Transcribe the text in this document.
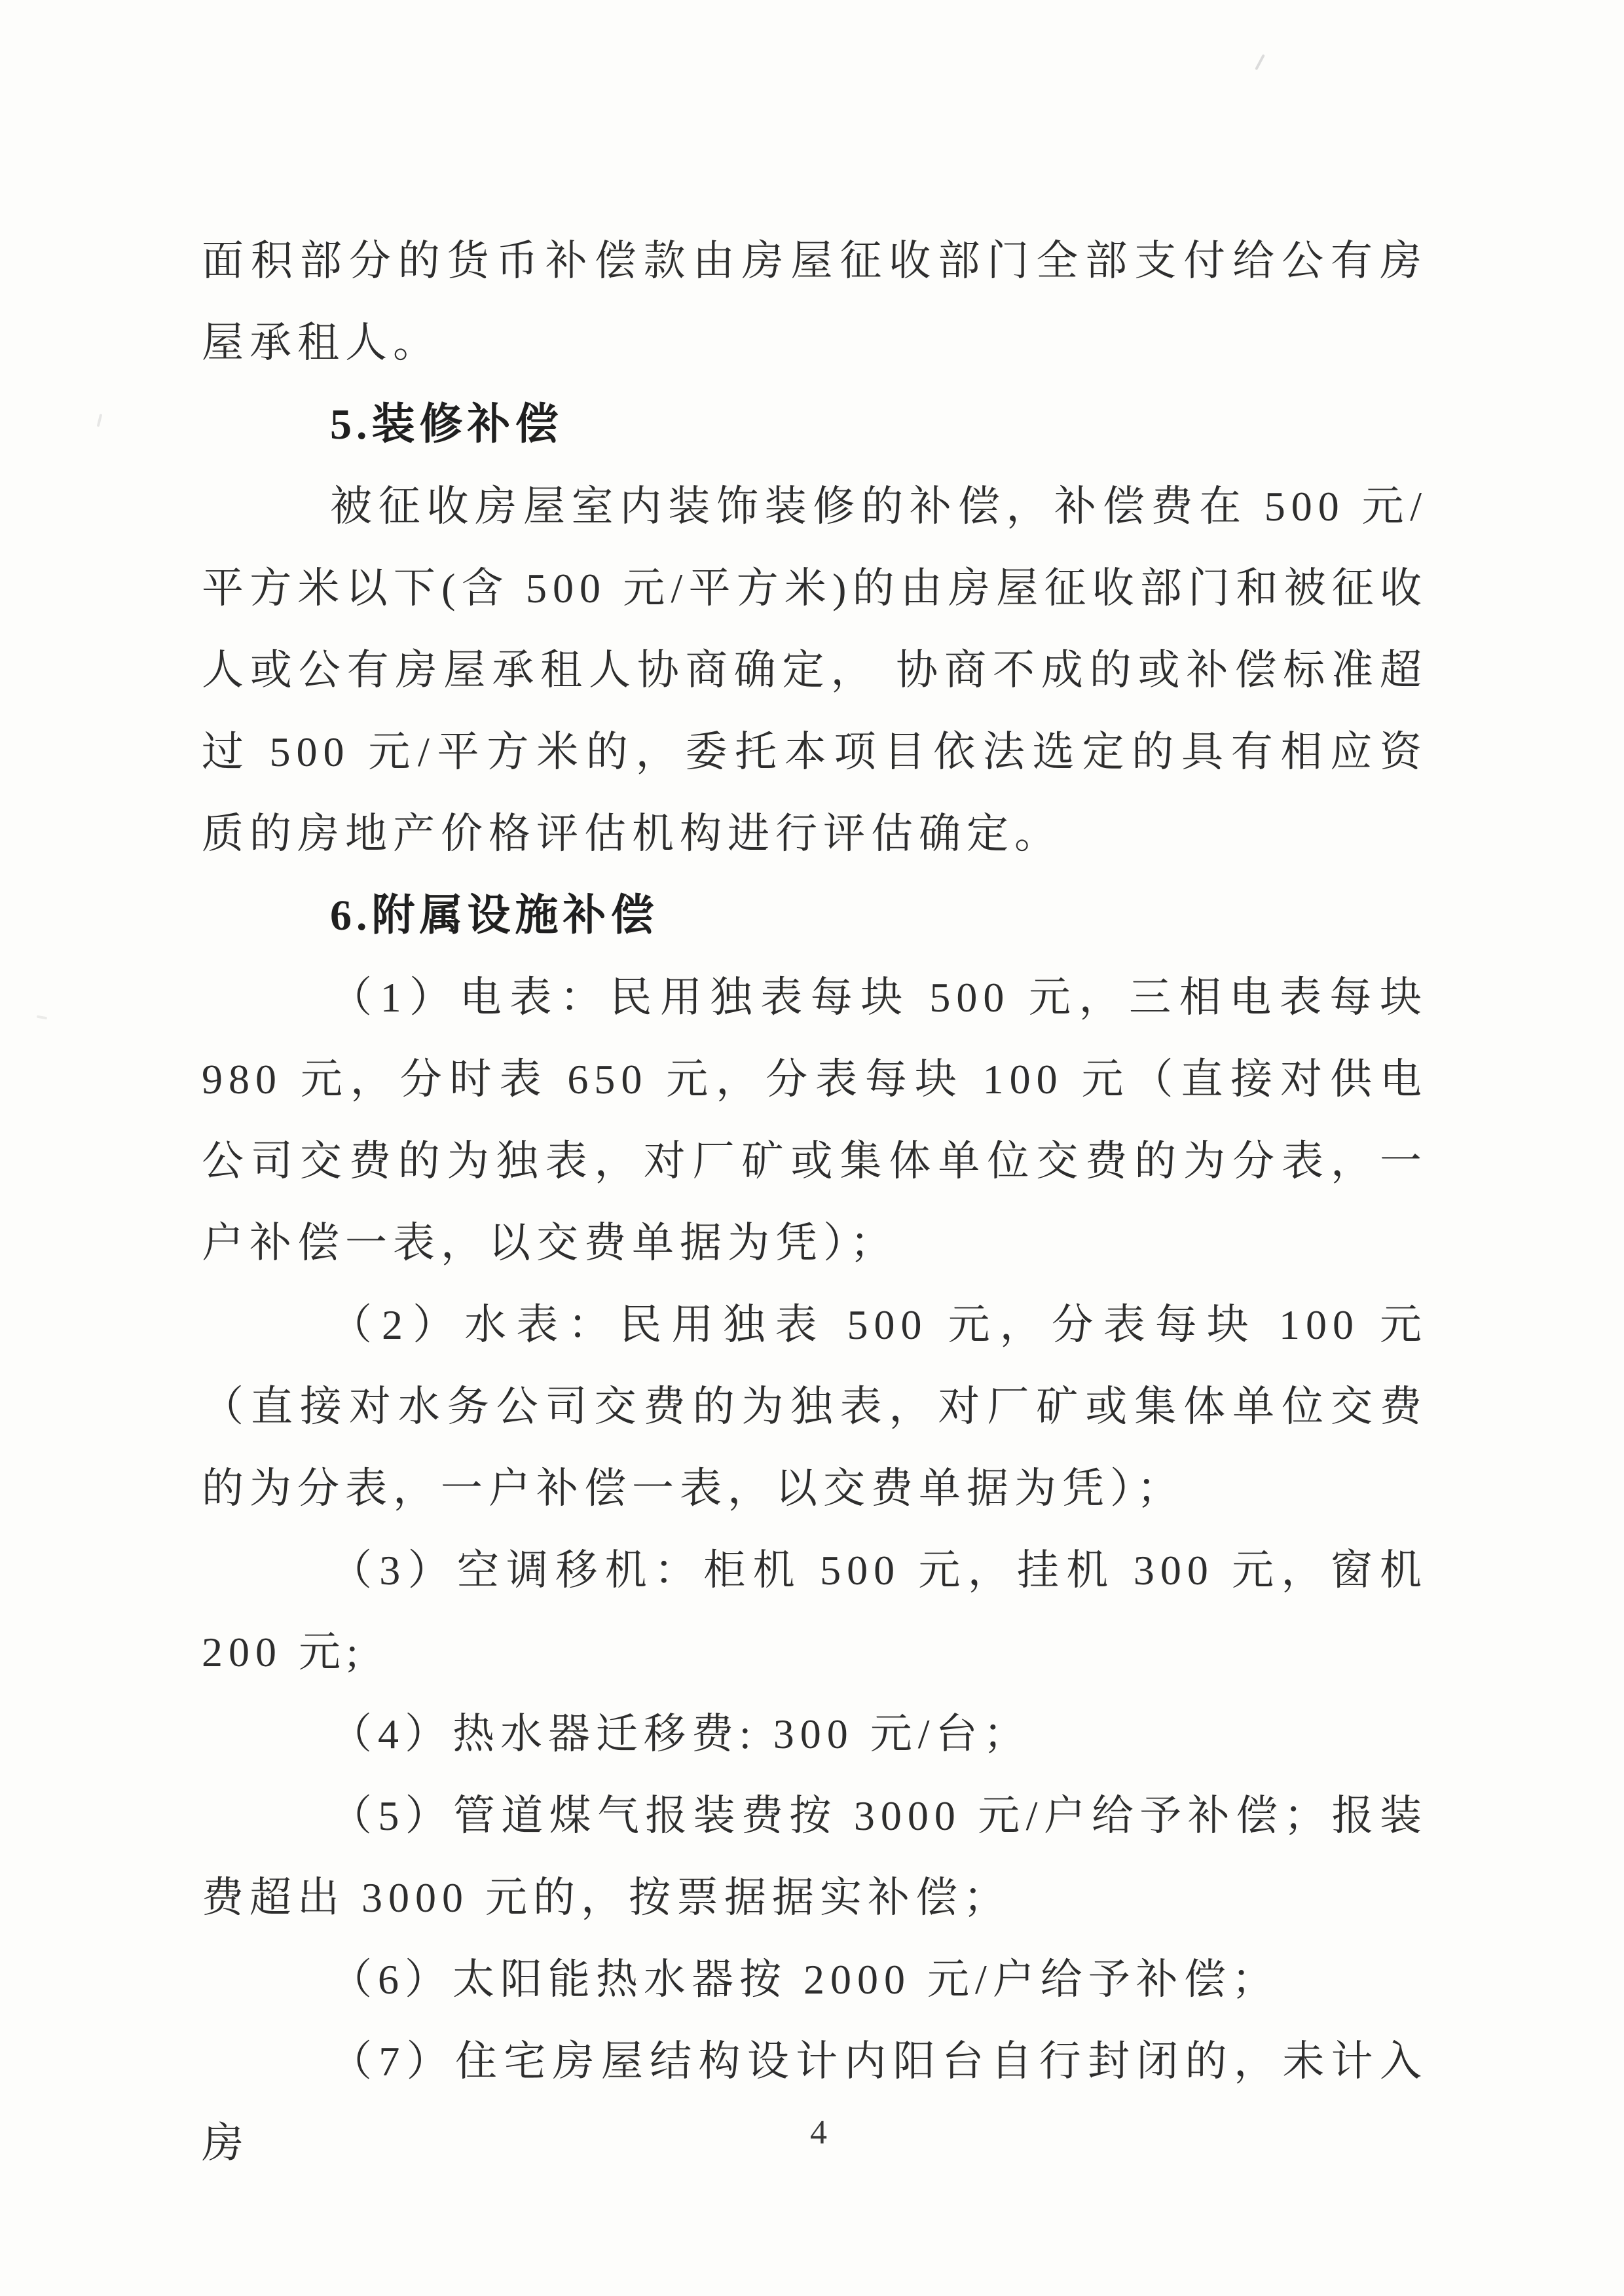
面积部分的货币补偿款由房屋征收部门全部支付给公有房屋承租人。

5.装修补偿

被征收房屋室内装饰装修的补偿，补偿费在 500 元/平方米以下(含 500 元/平方米)的由房屋征收部门和被征收人或公有房屋承租人协商确定， 协商不成的或补偿标准超过 500 元/平方米的，委托本项目依法选定的具有相应资质的房地产价格评估机构进行评估确定。

6.附属设施补偿

（1）电表：民用独表每块 500 元，三相电表每块 980 元，分时表 650 元，分表每块 100 元（直接对供电公司交费的为独表，对厂矿或集体单位交费的为分表，一户补偿一表，以交费单据为凭）；

（2）水表：民用独表 500 元，分表每块 100 元（直接对水务公司交费的为独表，对厂矿或集体单位交费的为分表，一户补偿一表，以交费单据为凭）；

（3）空调移机：柜机 500 元，挂机 300 元，窗机 200 元;

（4）热水器迁移费: 300 元/台；

（5）管道煤气报装费按 3000 元/户给予补偿；报装费超出 3000 元的，按票据据实补偿；

（6）太阳能热水器按 2000 元/户给予补偿；

（7）住宅房屋结构设计内阳台自行封闭的，未计入房	4
